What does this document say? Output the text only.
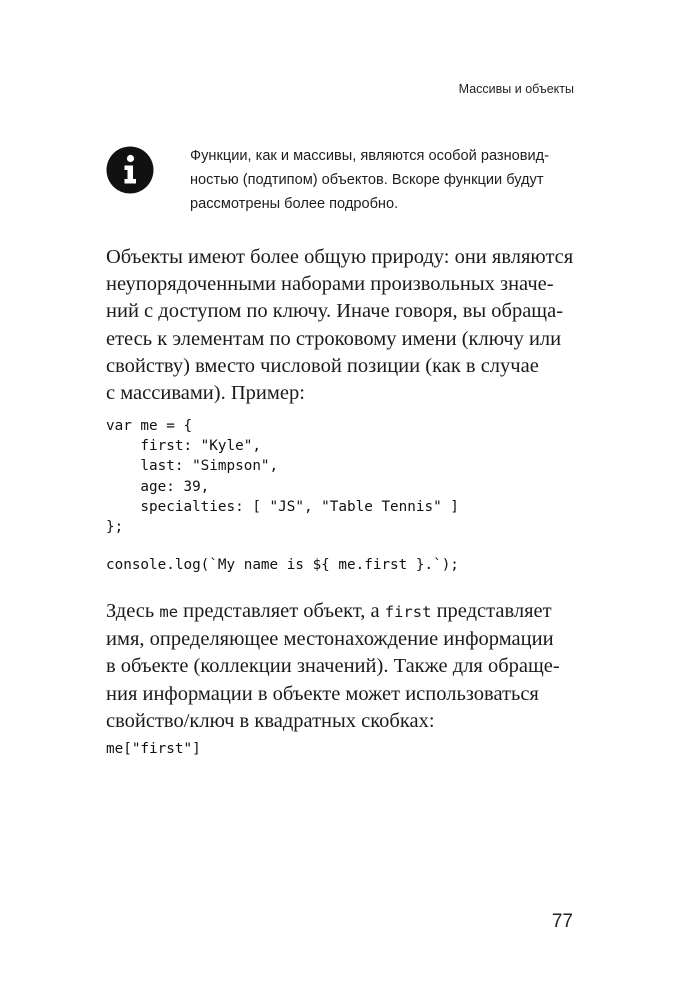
Массивы и объекты
Функции, как и массивы, являются особой разновид-
ностью (подтипом) объектов. Вскоре функции будут
рассмотрены более подробно.
Объекты имеют более общую природу: они являются
неупорядоченными наборами произвольных значе-
ний с доступом по ключу. Иначе говоря, вы обраща-
етесь к элементам по строковому имени (ключу или
свойству) вместо числовой позиции (как в случае
с массивами). Пример:
var me = {
first: "Kyle",
last: "Simpson",
age: 39,
specialties: [ "JS", "Table Tennis" ]
};
console.log(`My name is ${ me.first }.`);
Здесь me представляет объект, а first представляет
имя, определяющее местонахождение информации
в объекте (коллекции значений). Также для обраще-
ния информации в объекте может использоваться
свойство/ключ в квадратных скобках:
me["first"]
77
